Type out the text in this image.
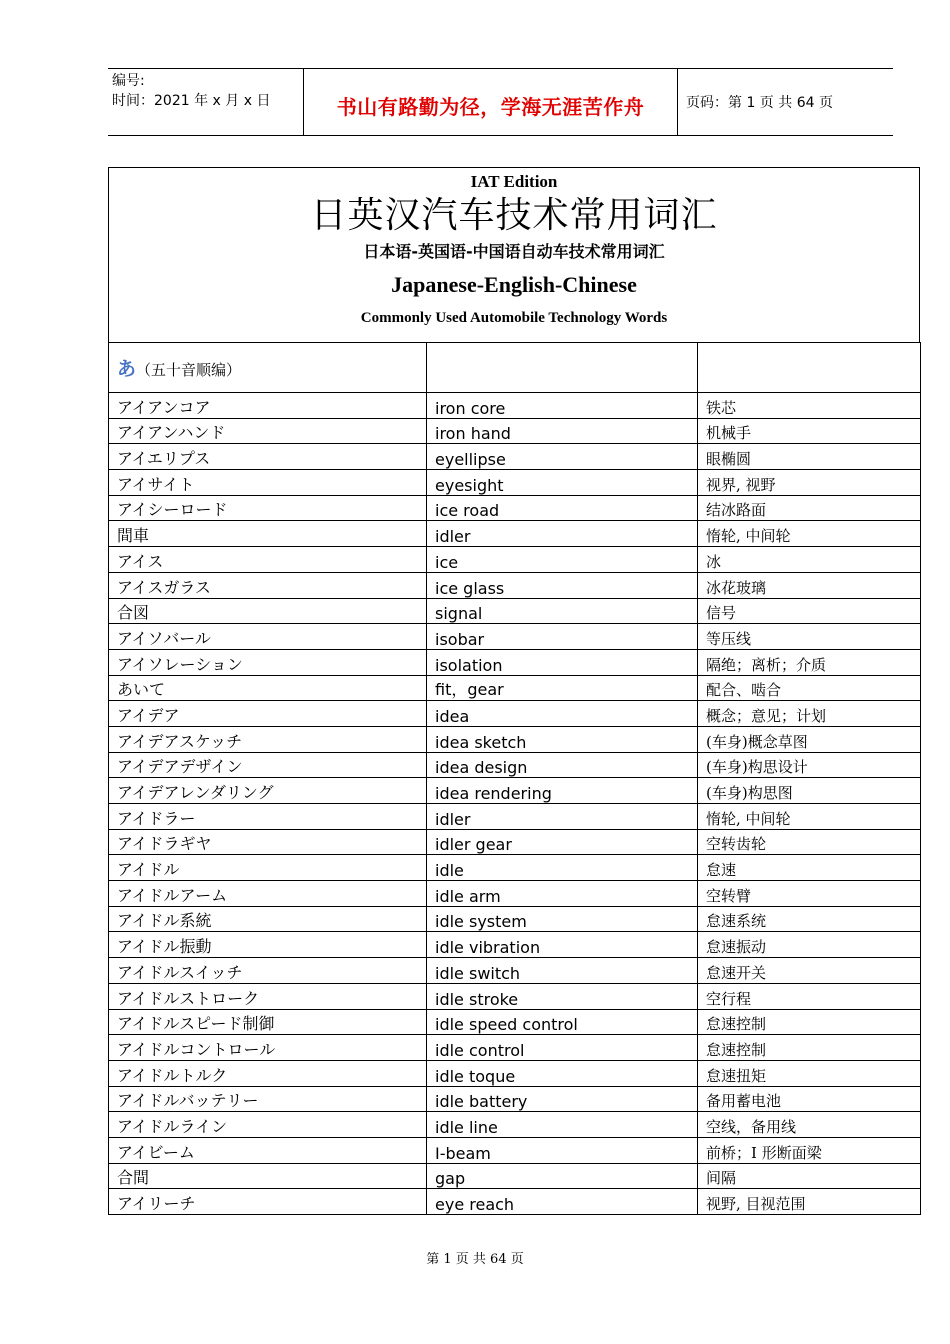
编号:
时间：2021 年 x 月 x 日	书山有路勤为径，学海无涯苦作舟	页码：第 1 页 共 64 页
IAT Edition
日英汉汽车技术常用词汇
日本语-英国语-中国语自动车技术常用词汇
Japanese-English-Chinese
Commonly Used Automobile Technology Words
あ（五十音顺编）		
アイアンコア	iron core	铁芯
アイアンハンド	iron hand	机械手
アイエリプス	eyellipse	眼椭圆
アイサイト	eyesight	视界, 视野
アイシーロード	ice road	结冰路面
間車	idler	惰轮, 中间轮
アイス	ice	冰
アイスガラス	ice glass	冰花玻璃
合図	signal	信号
アイソバール	isobar	等压线
アイソレーション	isolation	隔绝；离析；介质
あいて	fit，gear	配合、啮合
アイデア	idea	概念；意见；计划
アイデアスケッチ	idea sketch	(车身)概念草图
アイデアデザイン	idea design	(车身)构思设计
アイデアレンダリング	idea rendering	(车身)构思图
アイドラー	idler	惰轮, 中间轮
アイドラギヤ	idler gear	空转齿轮
アイドル	idle	怠速
アイドルアーム	idle arm	空转臂
アイドル系統	idle system	怠速系统
アイドル振動	idle vibration	怠速振动
アイドルスイッチ	idle switch	怠速开关
アイドルストローク	idle stroke	空行程
アイドルスピード制御	idle speed control	怠速控制
アイドルコントロール	idle control	怠速控制
アイドルトルク	idle toque	怠速扭矩
アイドルバッテリー	idle battery	备用蓄电池
アイドルライン	idle line	空线，备用线
アイビーム	I-beam	前桥；I 形断面梁
合間	gap	间隔
アイリーチ	eye reach	视野, 目视范围
第 1 页 共 64 页
